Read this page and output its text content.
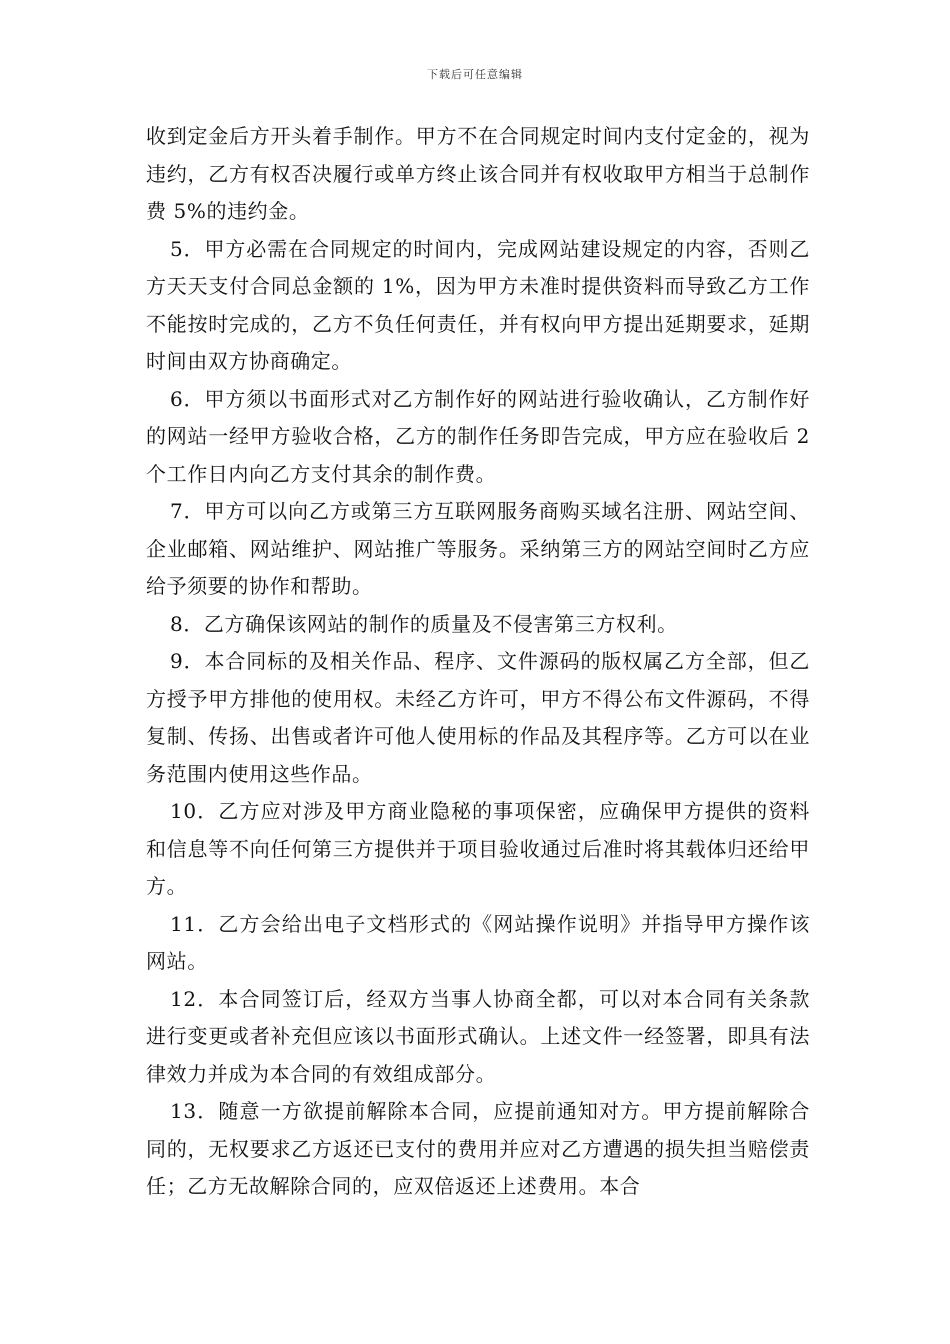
下载后可任意编辑

收到定金后方开头着手制作。甲方不在合同规定时间内支付定金的，视为违约，乙方有权否决履行或单方终止该合同并有权收取甲方相当于总制作费 5%的违约金。

5．甲方必需在合同规定的时间内，完成网站建设规定的内容，否则乙方天天支付合同总金额的 1%，因为甲方未准时提供资料而导致乙方工作不能按时完成的，乙方不负任何责任，并有权向甲方提出延期要求，延期时间由双方协商确定。

6．甲方须以书面形式对乙方制作好的网站进行验收确认，乙方制作好的网站一经甲方验收合格，乙方的制作任务即告完成，甲方应在验收后 2 个工作日内向乙方支付其余的制作费。

7．甲方可以向乙方或第三方互联网服务商购买域名注册、网站空间、企业邮箱、网站维护、网站推广等服务。采纳第三方的网站空间时乙方应给予须要的协作和帮助。

8．乙方确保该网站的制作的质量及不侵害第三方权利。

9．本合同标的及相关作品、程序、文件源码的版权属乙方全部，但乙方授予甲方排他的使用权。未经乙方许可，甲方不得公布文件源码，不得复制、传扬、出售或者许可他人使用标的作品及其程序等。乙方可以在业务范围内使用这些作品。

10．乙方应对涉及甲方商业隐秘的事项保密，应确保甲方提供的资料和信息等不向任何第三方提供并于项目验收通过后准时将其载体归还给甲方。

11．乙方会给出电子文档形式的《网站操作说明》并指导甲方操作该网站。

12．本合同签订后，经双方当事人协商全都，可以对本合同有关条款进行变更或者补充但应该以书面形式确认。上述文件一经签署，即具有法律效力并成为本合同的有效组成部分。

13．随意一方欲提前解除本合同，应提前通知对方。甲方提前解除合同的，无权要求乙方返还已支付的费用并应对乙方遭遇的损失担当赔偿责任；乙方无故解除合同的，应双倍返还上述费用。本合
